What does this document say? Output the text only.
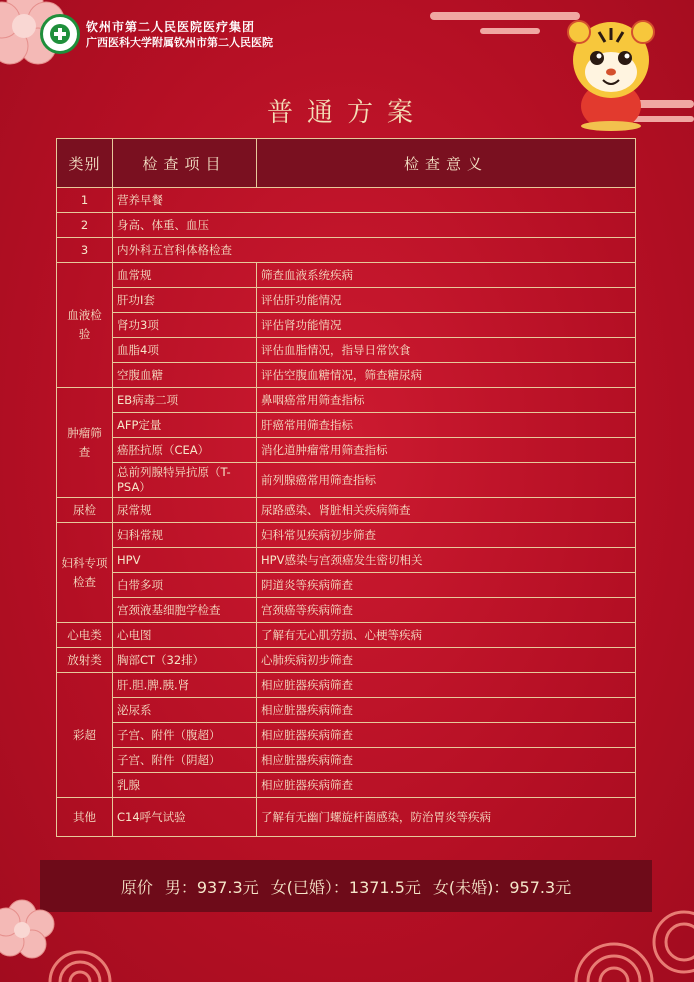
钦州市第二人民医院医疗集团
广西医科大学附属钦州市第二人民医院
普通方案
类别	检查项目	检查意义
1	营养早餐	
2	身高、体重、血压	
3	内外科五官科体格检查	
血液检验	血常规	筛查血液系统疾病
	肝功Ⅰ套	评估肝功能情况
	肾功3项	评估肾功能情况
	血脂4项	评估血脂情况，指导日常饮食
	空腹血糖	评估空腹血糖情况，筛查糖尿病
肿瘤筛查	EB病毒二项	鼻咽癌常用筛查指标
	AFP定量	肝癌常用筛查指标
	癌胚抗原（CEA）	消化道肿瘤常用筛查指标
	总前列腺特异抗原（T-PSA）	前列腺癌常用筛查指标
尿检	尿常规	尿路感染、肾脏相关疾病筛查
妇科专项检查	妇科常规	妇科常见疾病初步筛查
	HPV	HPV感染与宫颈癌发生密切相关
	白带多项	阴道炎等疾病筛查
	宫颈液基细胞学检查	宫颈癌等疾病筛查
心电类	心电图	了解有无心肌劳损、心梗等疾病
放射类	胸部CT（32排）	心肺疾病初步筛查
彩超	肝.胆.脾.胰.肾	相应脏器疾病筛查
	泌尿系	相应脏器疾病筛查
	子宫、附件（腹超）	相应脏器疾病筛查
	子宫、附件（阴超）	相应脏器疾病筛查
	乳腺	相应脏器疾病筛查
其他	C14呼气试验	了解有无幽门螺旋杆菌感染，防治胃炎等疾病
原价 男：937.3元 女(已婚）：1371.5元 女(未婚)：957.3元
